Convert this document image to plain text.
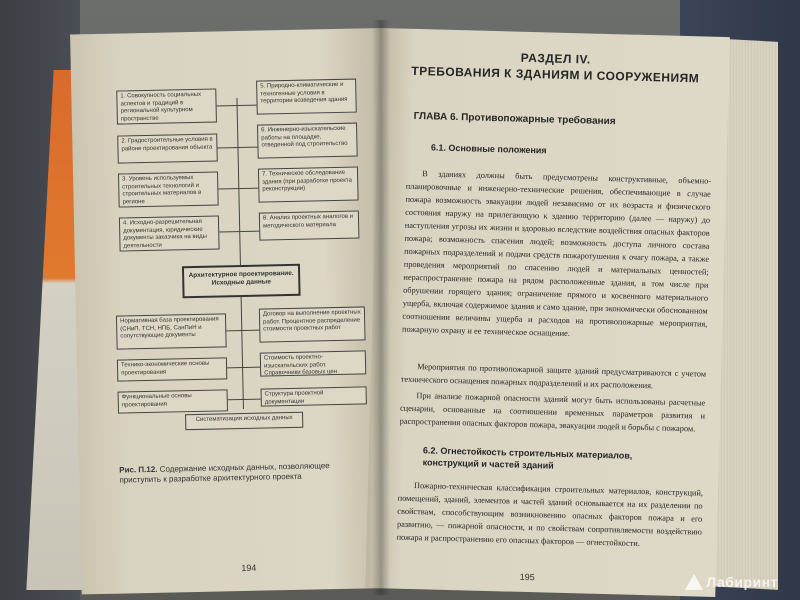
1. Совокупность социальных аспектов и традиций в региональной культурном пространстве
2. Градостроительные условия в районе проектирования объекта
3. Уровень используемых строительных технологий и строительных материалов в регионе
4. Исходно-разрешительная документация, юридические документы заказчика на виды деятельности
5. Природно-климатические и техногенные условия в территории возведения здания
6. Инженерно-изыскательские работы на площадке, отведенной под строительство
7. Техническое обследование здания (при разработке проекта реконструкции)
8. Анализ проектных аналогов и методического материала
Архитектурное проектирование. Исходные данные
Нормативная база проектирования (СНиП, ТСН, НПБ, СанПиН и сопутствующие документы
Технико-экономические основы проектирования
Функциональные основы проектирования
Договор на выполнение проектных работ. Процентное распределение стоимости проектных работ
Стоимость проектно-изыскательских работ. Справочники базовых цен
Структура проектной документации
Систематизация исходных данных
Рис. П.12. Содержание исходных данных, позволяющее приступить к разработке архитектурного проекта
194
РАЗДЕЛ IV.
ТРЕБОВАНИЯ К ЗДАНИЯМ И СООРУЖЕНИЯМ
ГЛАВА 6. Противопожарные требования
6.1. Основные положения
В зданиях должны быть предусмотрены конструктивные, объемно-планировочные и инженерно-технические решения, обеспечивающие в случае пожара возможность эвакуации людей независимо от их возраста и физического состояния наружу на прилегающую к зданию территорию (далее — наружу) до наступления угрозы их жизни и здоровью вследствие воздействия опасных факторов пожара; возможность спасения людей; возможность доступа личного состава пожарных подразделений и подачи средств пожаротушения к очагу пожара, а также проведения мероприятий по спасению людей и материальных ценностей; нераспространение пожара на рядом расположенные здания, в том числе при обрушении горящего здания; ограничение прямого и косвенного материального ущерба, включая содержимое здания и само здание, при экономически обоснованном соотношении величины ущерба и расходов на противопожарные мероприятия, пожарную охрану и ее техническое оснащение.
Мероприятия по противопожарной защите зданий предусматриваются с учетом технического оснащения пожарных подразделений и их расположения.
При анализе пожарной опасности зданий могут быть использованы расчетные сценарии, основанные на соотношении временных параметров развития и распространения опасных факторов пожара, эвакуации людей и борьбы с пожаром.
6.2. Огнестойкость строительных материалов,
конструкций и частей зданий
Пожарно-техническая классификация строительных материалов, конструкций, помещений, зданий, элементов и частей зданий основывается на их разделении по свойствам, способствующим возникновению опасных факторов пожара и его развитию, — пожарной опасности, и по свойствам сопротивляемости воздействию пожара и распространению его опасных факторов — огнестойкости.
195	Лабиринт
